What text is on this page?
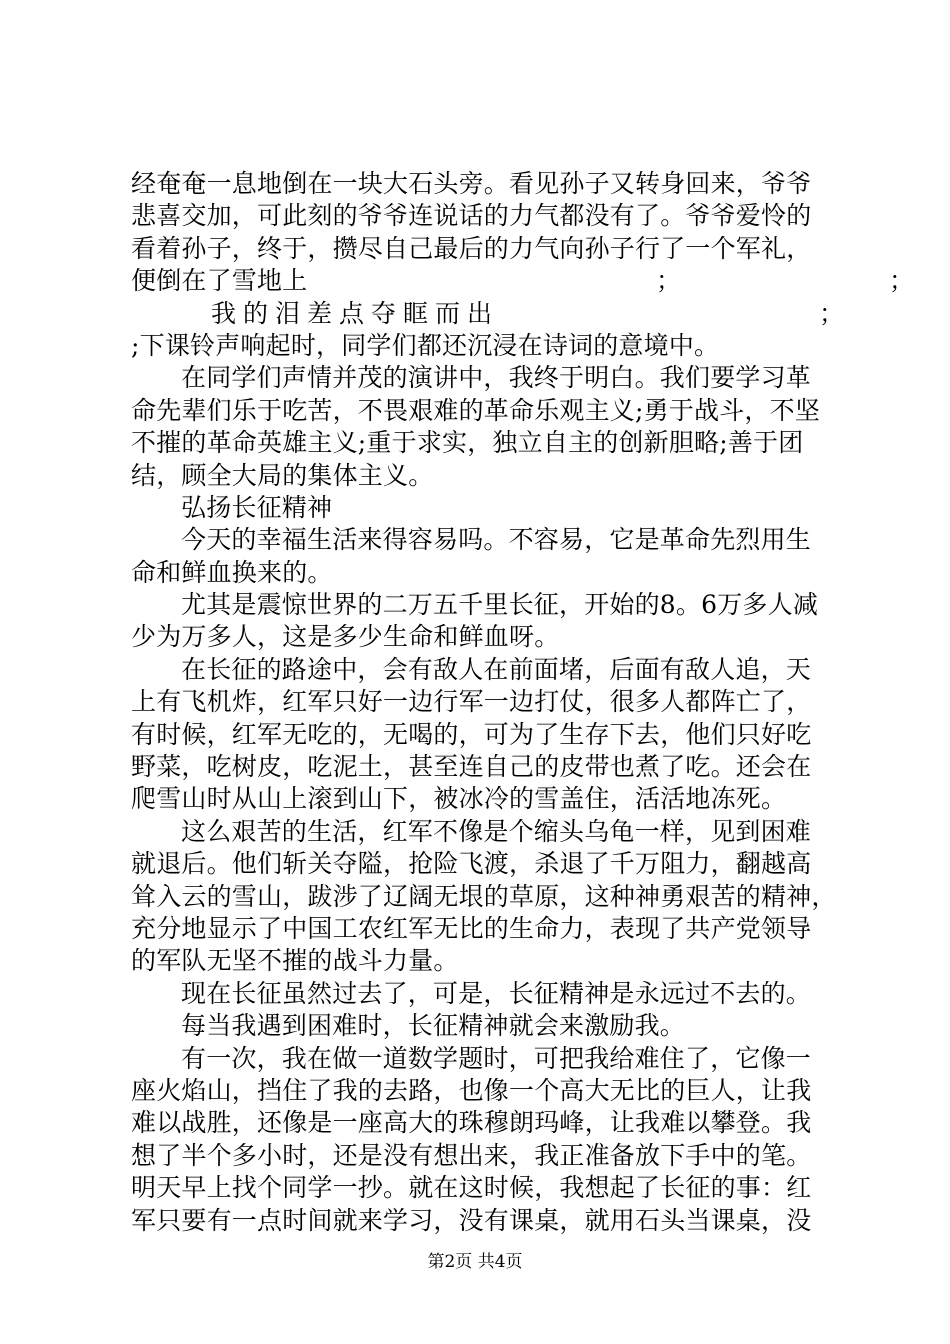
经奄奄一息地倒在一块大石头旁。看见孙子又转身回来，爷爷
悲喜交加，可此刻的爷爷连说话的力气都没有了。爷爷爱怜的
看着孙子，终于，攒尽自己最后的力气向孙子行了一个军礼，
便倒在了雪地上	；	；
我的泪差点夺眶而出	；
;下课铃声响起时，同学们都还沉浸在诗词的意境中。
在同学们声情并茂的演讲中，我终于明白。我们要学习革
命先辈们乐于吃苦，不畏艰难的革命乐观主义;勇于战斗，不坚
不摧的革命英雄主义;重于求实，独立自主的创新胆略;善于团
结，顾全大局的集体主义。
弘扬长征精神
今天的幸福生活来得容易吗。不容易，它是革命先烈用生
命和鲜血换来的。
尤其是震惊世界的二万五千里长征，开始的8。6万多人减
少为万多人，这是多少生命和鲜血呀。
在长征的路途中，会有敌人在前面堵，后面有敌人追，天
上有飞机炸，红军只好一边行军一边打仗，很多人都阵亡了，
有时候，红军无吃的，无喝的，可为了生存下去，他们只好吃
野菜，吃树皮，吃泥土，甚至连自己的皮带也煮了吃。还会在
爬雪山时从山上滚到山下，被冰冷的雪盖住，活活地冻死。
这么艰苦的生活，红军不像是个缩头乌龟一样，见到困难
就退后。他们斩关夺隘，抢险飞渡，杀退了千万阻力，翻越高
耸入云的雪山，跋涉了辽阔无垠的草原，这种神勇艰苦的精神，
充分地显示了中国工农红军无比的生命力，表现了共产党领导
的军队无坚不摧的战斗力量。
现在长征虽然过去了，可是，长征精神是永远过不去的。
每当我遇到困难时，长征精神就会来激励我。
有一次，我在做一道数学题时，可把我给难住了，它像一
座火焰山，挡住了我的去路，也像一个高大无比的巨人，让我
难以战胜，还像是一座高大的珠穆朗玛峰，让我难以攀登。我
想了半个多小时，还是没有想出来，我正准备放下手中的笔。
明天早上找个同学一抄。就在这时候，我想起了长征的事：红
军只要有一点时间就来学习，没有课桌，就用石头当课桌，没
第2页 共4页
